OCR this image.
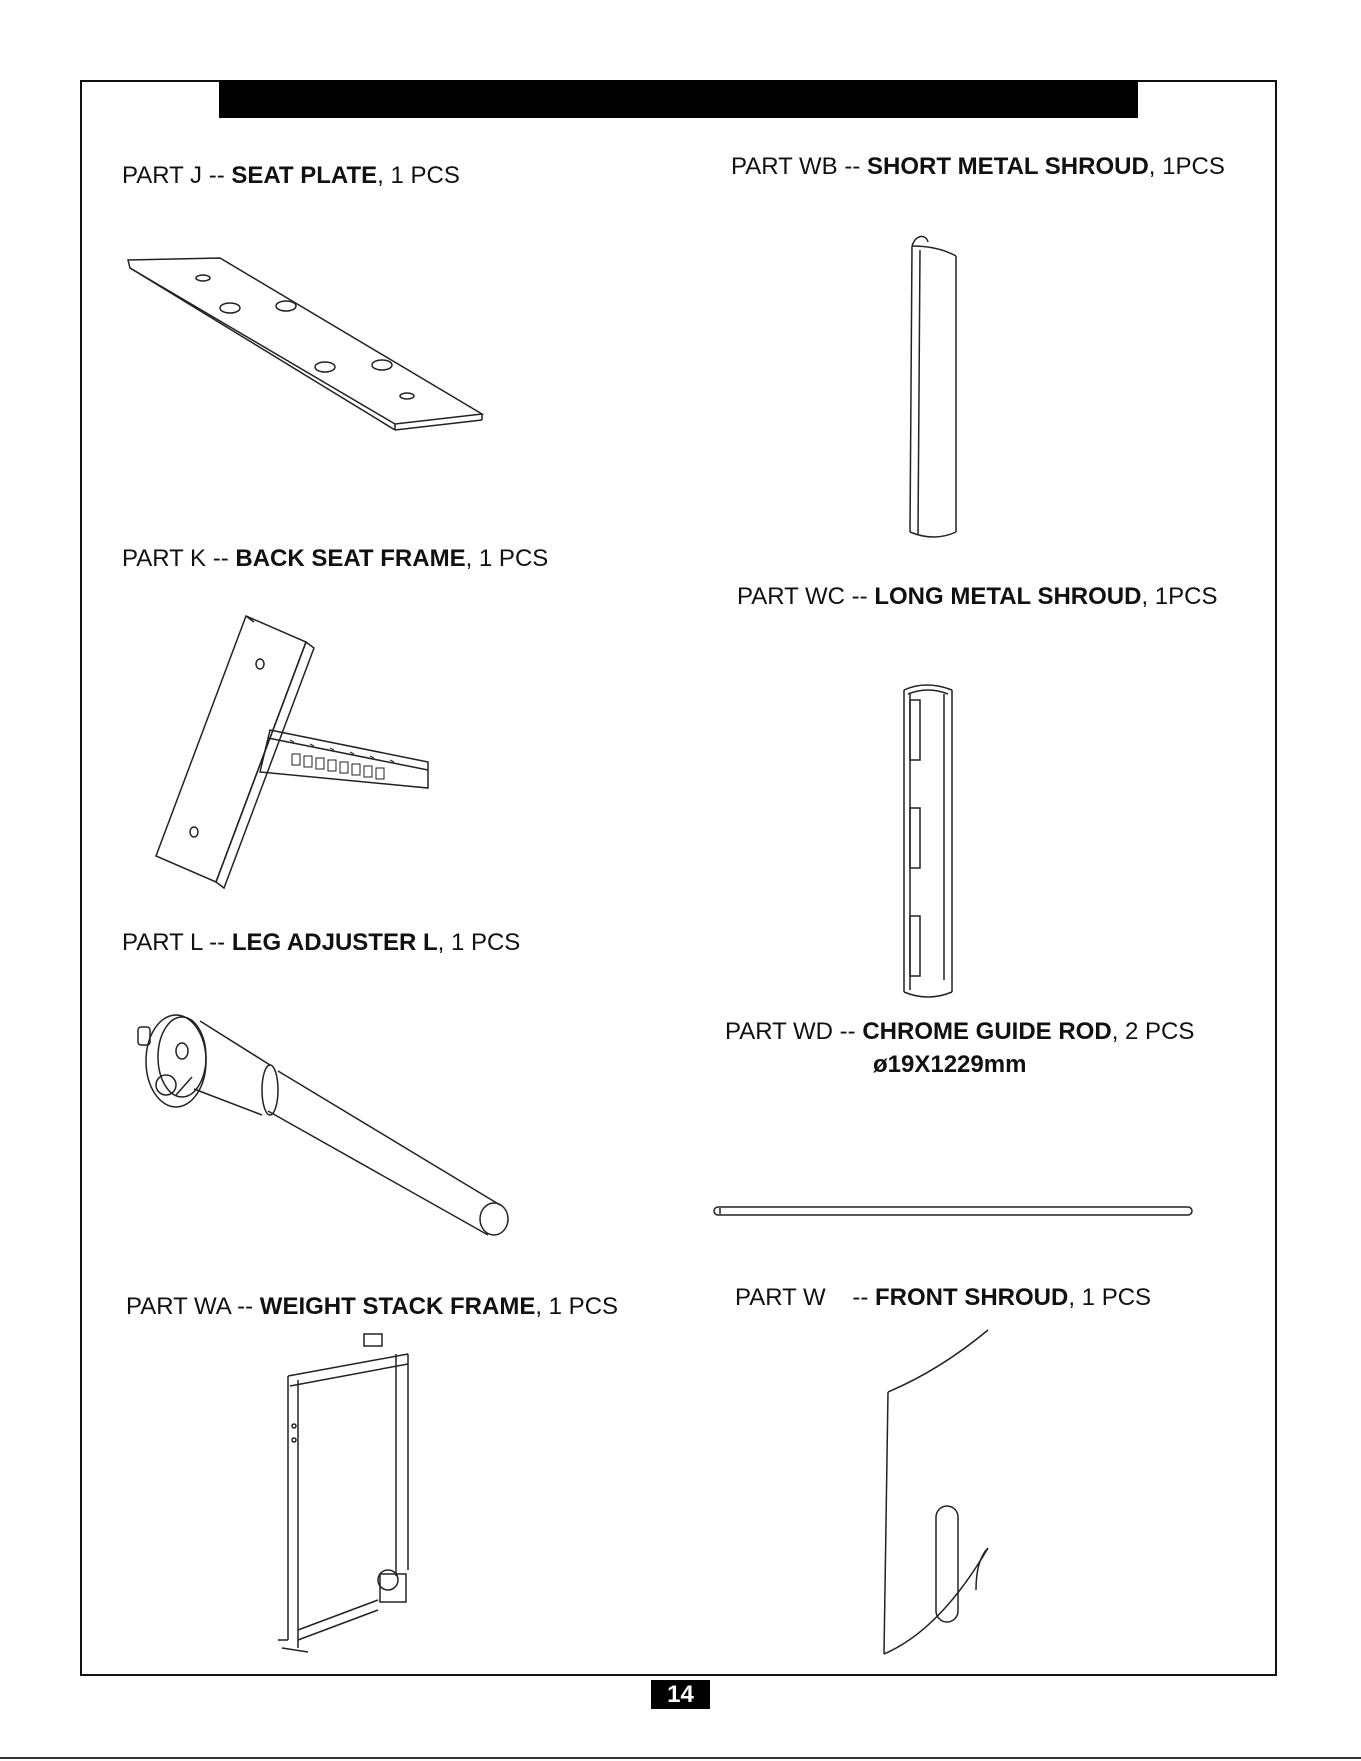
PART J -- SEAT PLATE, 1 PCS
PART K -- BACK SEAT FRAME, 1 PCS
PART L -- LEG ADJUSTER L, 1 PCS
PART WA -- WEIGHT STACK FRAME, 1 PCS
PART WB -- SHORT METAL SHROUD, 1PCS
PART WC -- LONG METAL SHROUD, 1PCS
PART WD -- CHROME GUIDE ROD, 2 PCS
ø19X1229mm
PART W    -- FRONT SHROUD, 1 PCS
14
